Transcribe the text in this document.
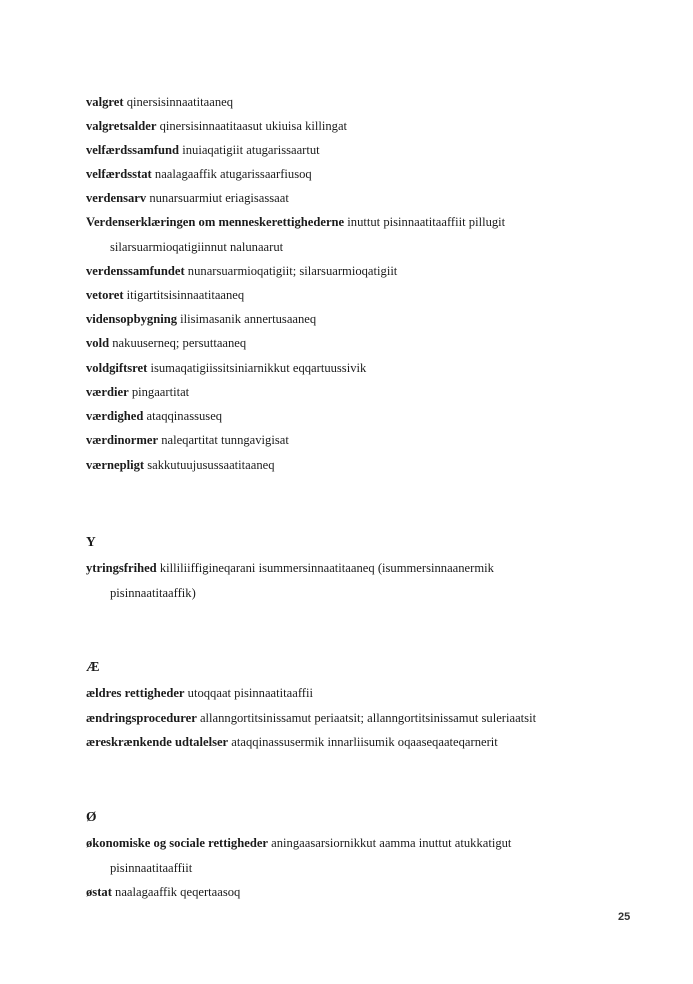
valgret qinersisinnaatitaaneq
valgretsalder qinersisinnaatitaasut ukiuisa killingat
velfærdssamfund inuiaqatigiit atugarissaartut
velfærdsstat naalagaaffik atugarissaarfiusoq
verdensarv nunarsuarmiut eriagisassaat
Verdenserklæringen om menneskerettighederne inuttut pisinnaatitaaffiit pillugit
silarsuarmioqatigiinnut nalunaarut
verdenssamfundet nunarsuarmioqatigiit; silarsuarmioqatigiit
vetoret itigartitsisinnaatitaaneq
vidensopbygning ilisimasanik annertusaaneq
vold nakuuserneq; persuttaaneq
voldgiftsret isumaqatigiissitsiniarnikkut eqqartuussivik
værdier pingaartitat
værdighed ataqqinassuseq
værdinormer naleqartitat tunngavigisat
værnepligt sakkutuujusussaatitaaneq
Y
ytringsfrihed killiliiffigineqarani isummersinnaatitaaneq (isummersinnaanermik
pisinnaatitaaffik)
Æ
ældres rettigheder utoqqaat pisinnaatitaaffii
ændringsprocedurer allanngortitsinissamut periaatsit; allanngortitsinissamut suleriaatsit
æreskrænkende udtalelser ataqqinassusermik innarliisumik oqaaseqaateqarnerit
Ø
økonomiske og sociale rettigheder aningaasarsiornikkut aamma inuttut atukkatigut
pisinnaatitaaffiit
østat naalagaaffik qeqertaasoq
25
